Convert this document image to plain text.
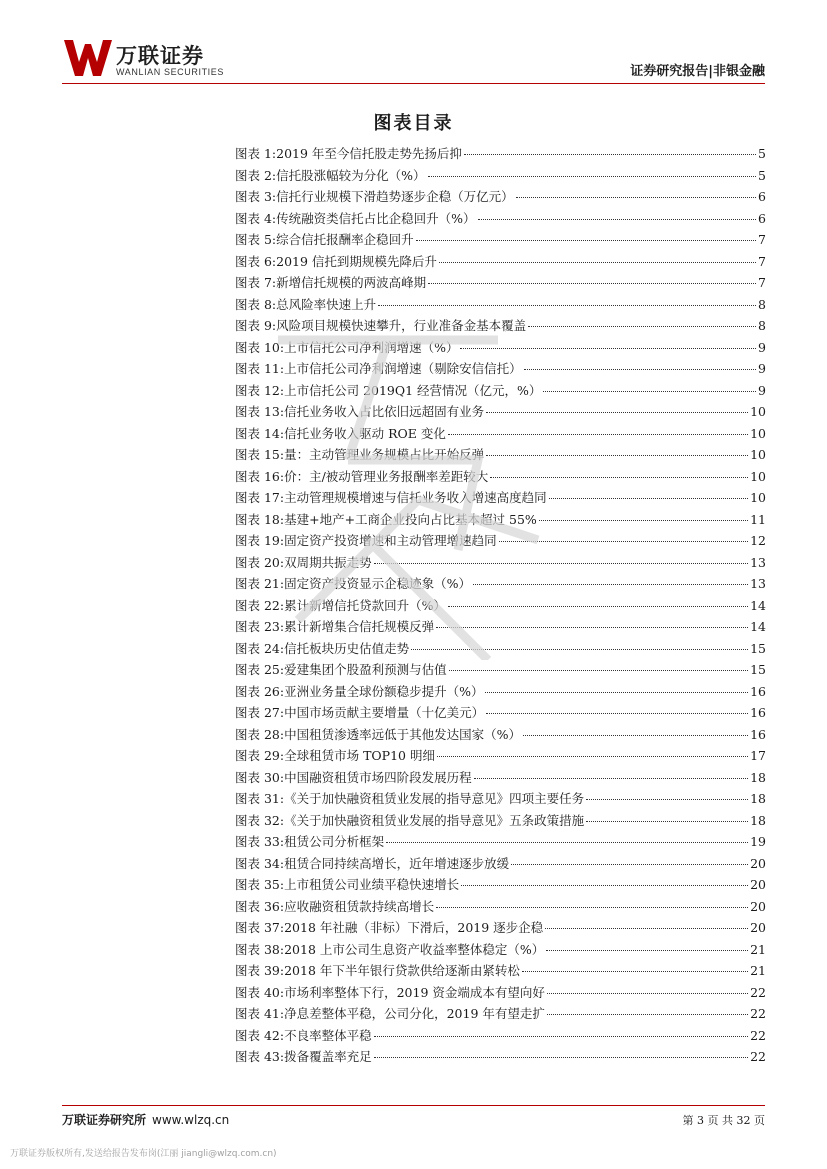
万联证券
WANLIAN SECURITIES	证券研究报告|非银金融
图表目录
图表 1: 2019 年至今信托股走势先扬后抑	5
图表 2: 信托股涨幅较为分化（%）	5
图表 3: 信托行业规模下滑趋势逐步企稳（万亿元）	6
图表 4: 传统融资类信托占比企稳回升（%）	6
图表 5: 综合信托报酬率企稳回升	7
图表 6: 2019 信托到期规模先降后升	7
图表 7: 新增信托规模的两波高峰期	7
图表 8: 总风险率快速上升	8
图表 9: 风险项目规模快速攀升，行业准备金基本覆盖	8
图表 10: 上市信托公司净利润增速（%）	9
图表 11: 上市信托公司净利润增速（剔除安信信托）	9
图表 12: 上市信托公司 2019Q1 经营情况（亿元，%）	9
图表 13: 信托业务收入占比依旧远超固有业务	10
图表 14: 信托业务收入驱动 ROE 变化	10
图表 15: 量：主动管理业务规模占比开始反弹	10
图表 16: 价：主/被动管理业务报酬率差距较大	10
图表 17: 主动管理规模增速与信托业务收入增速高度趋同	10
图表 18: 基建+地产+工商企业投向占比基本超过 55%	11
图表 19: 固定资产投资增速和主动管理增速趋同	12
图表 20: 双周期共振走势	13
图表 21: 固定资产投资显示企稳迹象（%）	13
图表 22: 累计新增信托贷款回升（%）	14
图表 23: 累计新增集合信托规模反弹	14
图表 24: 信托板块历史估值走势	15
图表 25: 爱建集团个股盈利预测与估值	15
图表 26: 亚洲业务量全球份额稳步提升（%）	16
图表 27: 中国市场贡献主要增量（十亿美元）	16
图表 28: 中国租赁渗透率远低于其他发达国家（%）	16
图表 29: 全球租赁市场 TOP10 明细	17
图表 30: 中国融资租赁市场四阶段发展历程	18
图表 31: 《关于加快融资租赁业发展的指导意见》四项主要任务	18
图表 32: 《关于加快融资租赁业发展的指导意见》五条政策措施	18
图表 33: 租赁公司分析框架	19
图表 34: 租赁合同持续高增长，近年增速逐步放缓	20
图表 35: 上市租赁公司业绩平稳快速增长	20
图表 36: 应收融资租赁款持续高增长	20
图表 37: 2018 年社融（非标）下滑后，2019 逐步企稳	20
图表 38: 2018 上市公司生息资产收益率整体稳定（%）	21
图表 39: 2018 年下半年银行贷款供给逐渐由紧转松	21
图表 40: 市场利率整体下行，2019 资金端成本有望向好	22
图表 41: 净息差整体平稳，公司分化，2019 年有望走扩	22
图表 42: 不良率整体平稳	22
图表 43: 拨备覆盖率充足	22
万联证券研究所 www.wlzq.cn	第 3 页 共 32 页
万联证券版权所有,发送给报告发布岗(江丽 jiangli@wlzq.com.cn)
